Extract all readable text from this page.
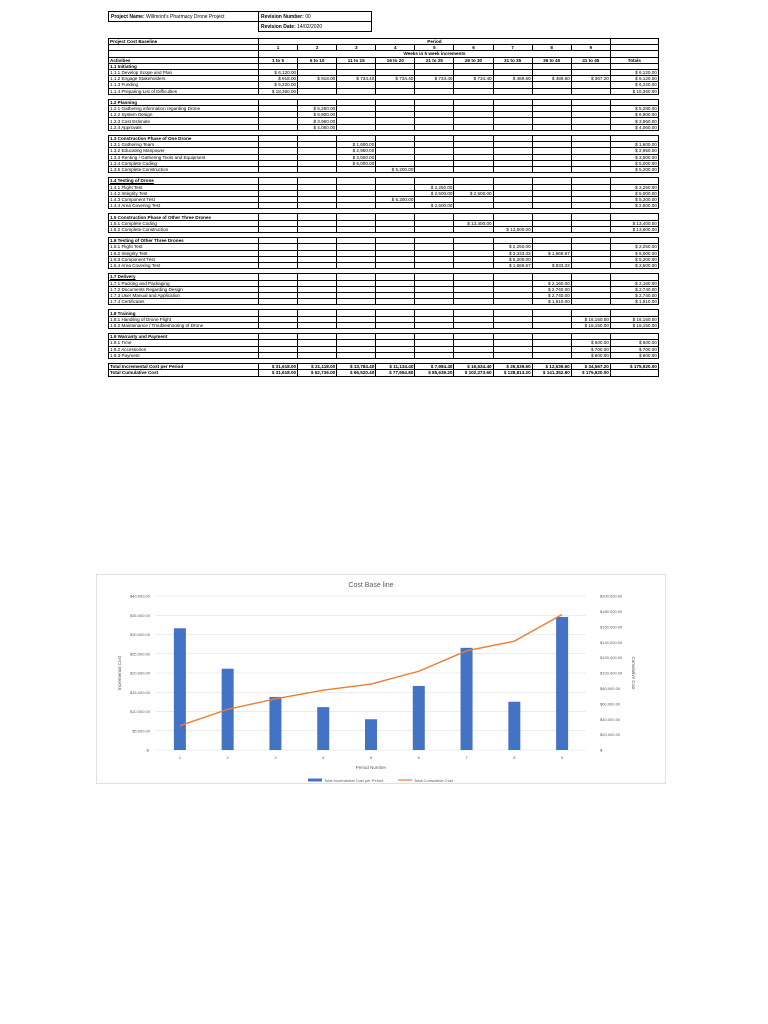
Project Name: Willmont's Pharmacy Drone Project	Revision Number: 00
	Revision Date: 14/02/2020
Project Cost Baseline	Period									
	1	2	3	4	5	6	7	8	9	
	Weeks in 5 week increments									
Activities	1 to 5	6 to 10	11 to 15	16 to 20	21 to 25	26 to 30	31 to 35	36 to 40	41 to 45	Totals
1.1 Initiating										
1.1.1 Develop Scope and Plan	$ 6,120.00									$ 6,120.00
1.1.2 Engage Stakeholders	$ 918.00	$ 918.00	$ 734.40	$ 734.40	$ 734.40	$ 734.40	$ 489.60	$ 489.60	$ 367.20	$ 6,120.00
1.1.3 Funding	$ 6,220.00									$ 6,220.00
1.1.4 Preparing List of Difficulties	$ 18,360.00									$ 18,360.00

1.2 Planning										
1.2.1 Gathering information regarding Drone		$ 5,280.00								$ 5,280.00
1.2.2 System Design		$ 6,900.00								$ 6,900.00
1.2.3 Cost Estimate		$ 3,960.00								$ 3,960.00
1.2.4 Approvals		$ 4,060.00								$ 4,060.00

1.3 Construction Phase of One Drone										
1.3.1 Gathering Team			$ 1,600.00							$ 1,600.00
1.3.2 Educating Manpower			$ 2,950.00							$ 2,950.00
1.3.3 Renting / Gathering Tools and Equipment			$ 3,500.00							$ 3,500.00
1.3.4 Complete Coding			$ 5,000.00							$ 5,000.00
1.3.5 Complete Construction				$ 5,200.00						$ 5,200.00

1.4 Testing of Drone										
1.4.1 Flight Test					$ 2,250.00					$ 2,250.00
1.4.2 Integrity Test					$ 2,500.00	$ 2,500.00				$ 5,000.00
1.4.3 Component Test				$ 5,200.00						$ 5,200.00
1.4.4 Area Covering Test					$ 2,500.00					$ 2,500.00

1.5 Construction Phase of Other Three Drones										
1.5.1 Complete Coding						$ 13,400.00				$ 13,400.00
1.5.2 Complete Construction							$ 13,600.00			$ 13,600.00

1.6 Testing of Other Three Drones										
1.6.1 Flight Test							$ 2,250.00			$ 2,250.00
1.6.2 Integrity Test							$ 3,333.33	$ 1,666.67		$ 5,000.00
1.6.3 Component Test							$ 5,200.00			$ 5,200.00
1.6.4 Area Covering Test							$ 1,666.67	$ 833.33		$ 2,500.00

1.7 Delivery										
1.7.1 Packing and Packaging								$ 2,160.00		$ 2,160.00
1.7.2 Documents Regarding Design								$ 2,740.00		$ 2,740.00
1.7.3 User Manual and Application								$ 2,740.00		$ 2,740.00
1.7.4 Certificates								$ 1,910.00		$ 1,910.00

1.8 Training										
1.8.1 Handling of Drone Flight									$ 16,150.00	$ 16,150.00
1.8.2 Maintenance / Troubleshooting of Drone									$ 16,150.00	$ 16,150.00

1.9 Warranty and Payment										
1.9.1 Time									$ 600.00	$ 600.00
1.9.2 Accessories									$ 700.00	$ 700.00
1.9.3 Payment									$ 600.00	$ 600.00

Total Incremental Cost per Period	$ 31,618.00	$ 21,118.00	$ 13,784.40	$ 11,134.40	$ 7,984.40	$ 16,634.40	$ 26,539.60	$ 12,539.60	$ 34,567.20	$ 175,920.00
Total Cumulative Cost	$ 31,618.00	$ 52,736.00	$ 66,520.40	$ 77,654.80	$ 85,639.20	$ 102,273.60	$ 128,813.20	$ 141,352.80	$ 175,920.00	
Cost Base line
$-
$5,000.00
$10,000.00
$15,000.00
$20,000.00
$25,000.00
$30,000.00
$35,000.00
$40,000.00
$-
$20,000.00
$40,000.00
$60,000.00
$80,000.00
$100,000.00
$120,000.00
$140,000.00
$160,000.00
$180,000.00
$200,000.00
Incremental Cost	Cumulative Cost
1	2	3	4	5	6	7	8	9
Period Number
Total Incremental Cost per Period	Total Cumulative Cost
